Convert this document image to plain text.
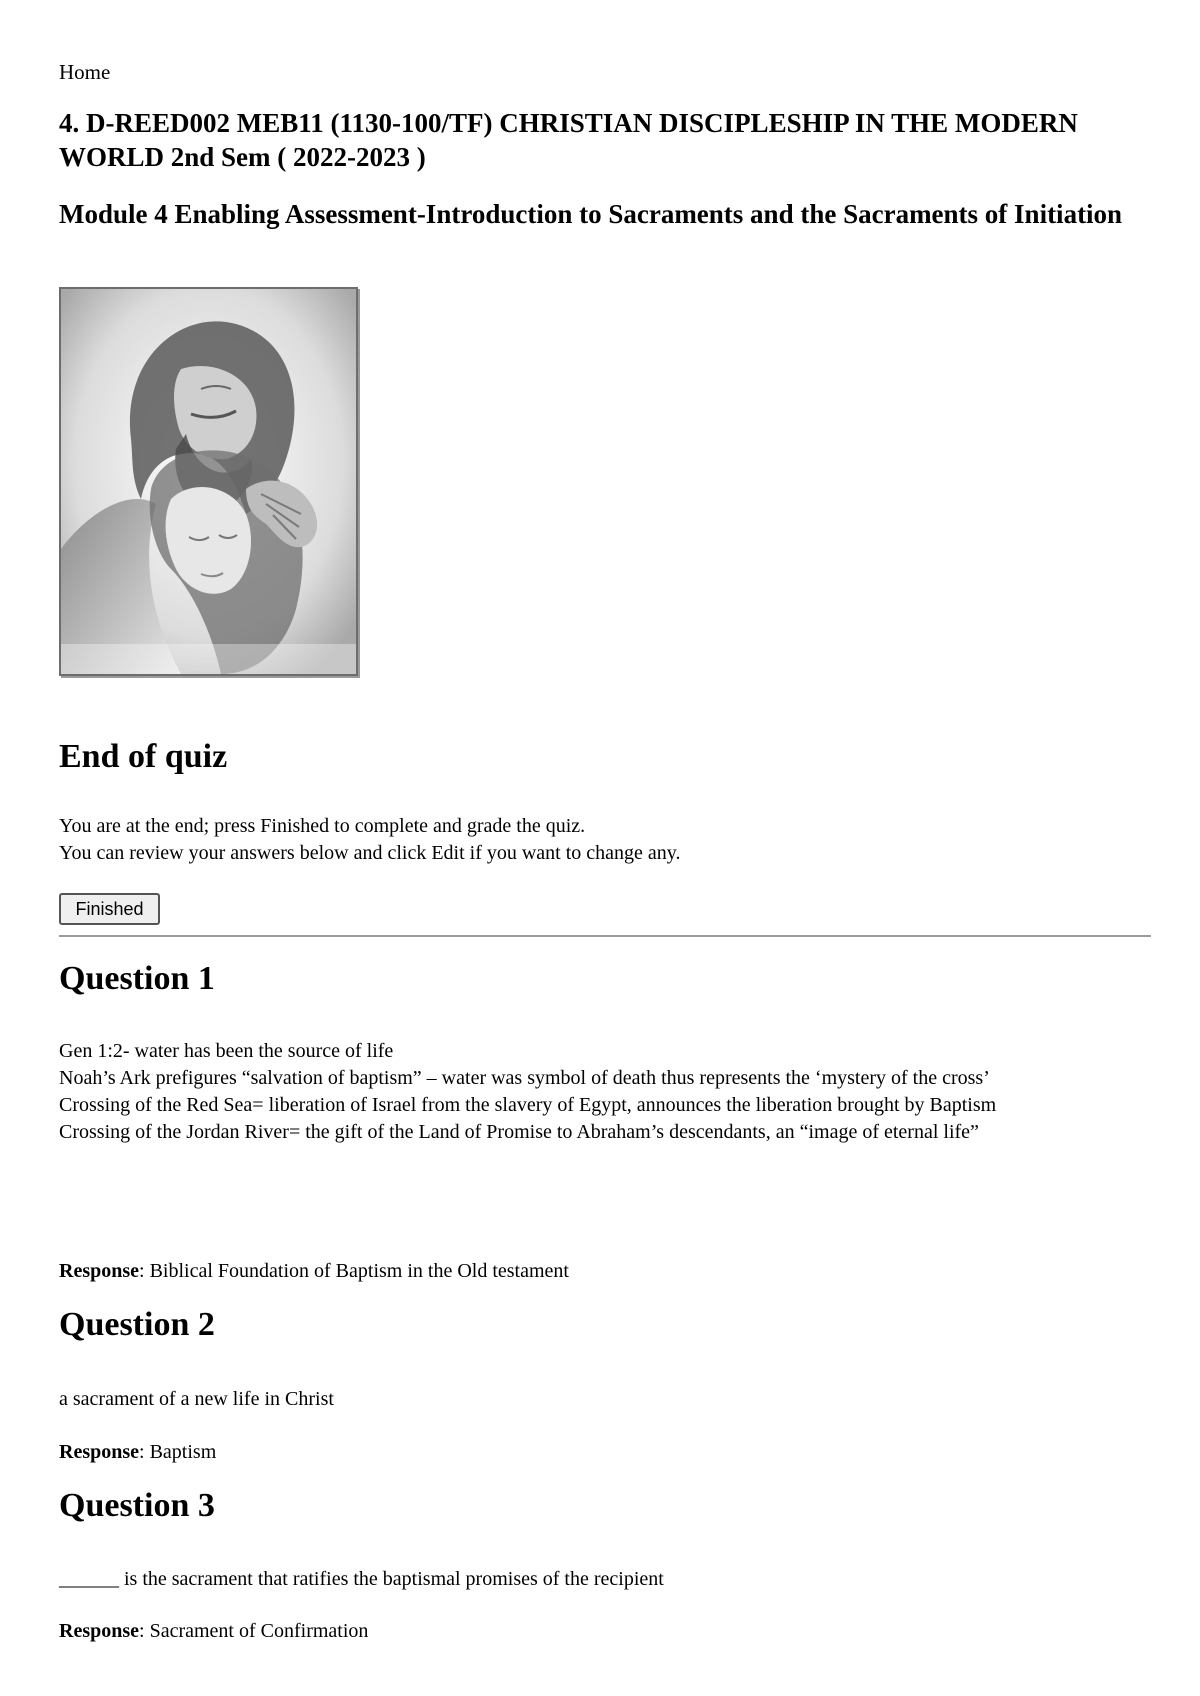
Home
4. D-REED002 MEB11 (1130-100/TF) CHRISTIAN DISCIPLESHIP IN THE MODERN WORLD 2nd Sem ( 2022-2023 )
Module 4 Enabling Assessment-Introduction to Sacraments and the Sacraments of Initiation
End of quiz
You are at the end; press Finished to complete and grade the quiz.
You can review your answers below and click Edit if you want to change any.
Finished
Question 1
Gen 1:2- water has been the source of life
Noah’s Ark prefigures “salvation of baptism” – water was symbol of death thus represents the ‘mystery of the cross’
Crossing of the Red Sea= liberation of Israel from the slavery of Egypt, announces the liberation brought by Baptism
Crossing of the Jordan River= the gift of the Land of Promise to Abraham’s descendants, an “image of eternal life”
Response: Biblical Foundation of Baptism in the Old testament
Question 2
a sacrament of a new life in Christ
Response: Baptism
Question 3
______ is the sacrament that ratifies the baptismal promises of the recipient
Response: Sacrament of Confirmation
